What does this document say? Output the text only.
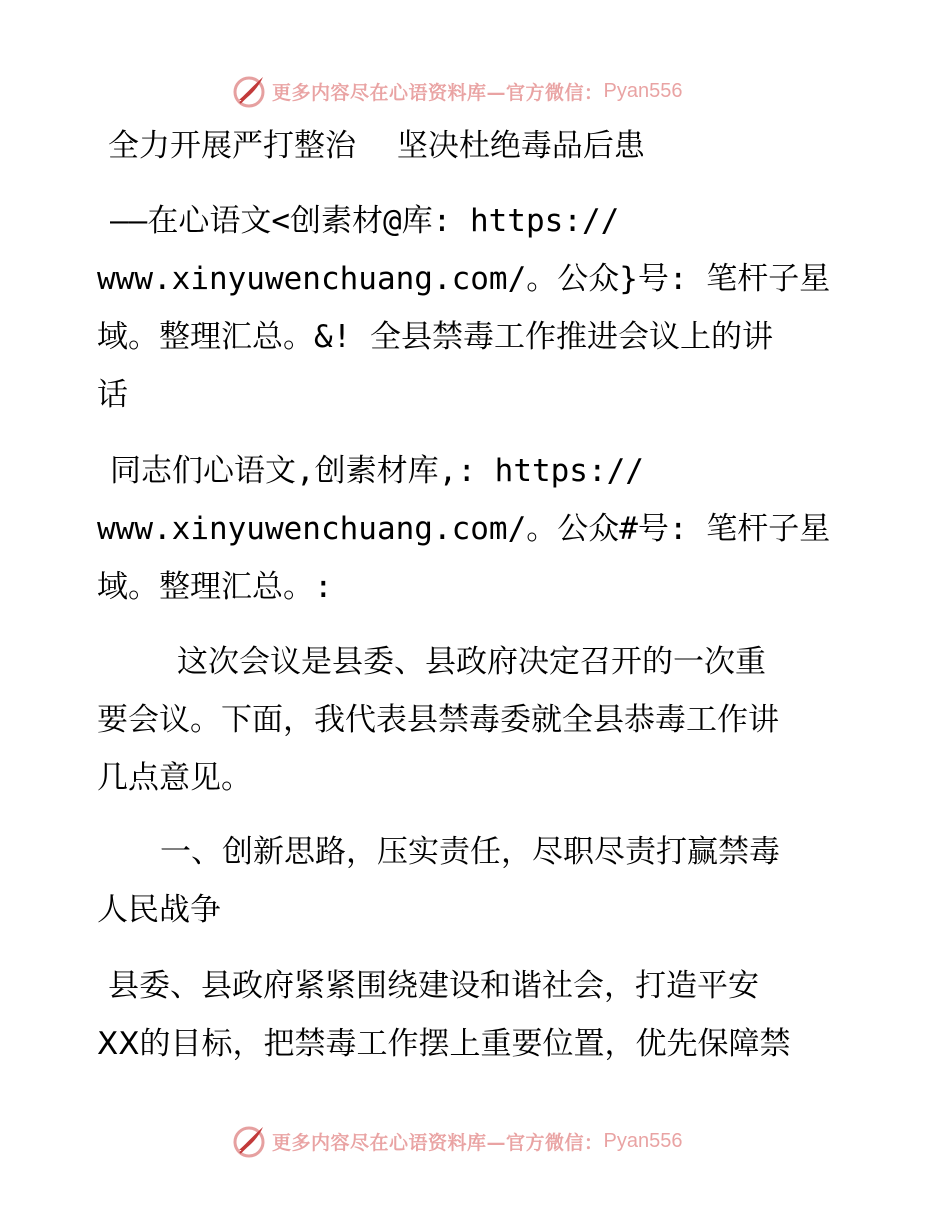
更多内容尽在心语资料库—官方微信： Pyan556
全力开展严打整治　 坚决杜绝毒品后患
——在心语文<创素材@库: https://
www.xinyuwenchuang.com/。公众}号: 笔杆子星
域。整理汇总。&! 全县禁毒工作推进会议上的讲
话
同志们心语文,创素材库,: https://
www.xinyuwenchuang.com/。公众#号: 笔杆子星
域。整理汇总。:
这次会议是县委、县政府决定召开的一次重
要会议。下面，我代表县禁毒委就全县恭毒工作讲
几点意见。
一、创新思路，压实责任，尽职尽责打赢禁毒
人民战争
县委、县政府紧紧围绕建设和谐社会，打造平安
XX的目标，把禁毒工作摆上重要位置，优先保障禁
更多内容尽在心语资料库—官方微信： Pyan556
